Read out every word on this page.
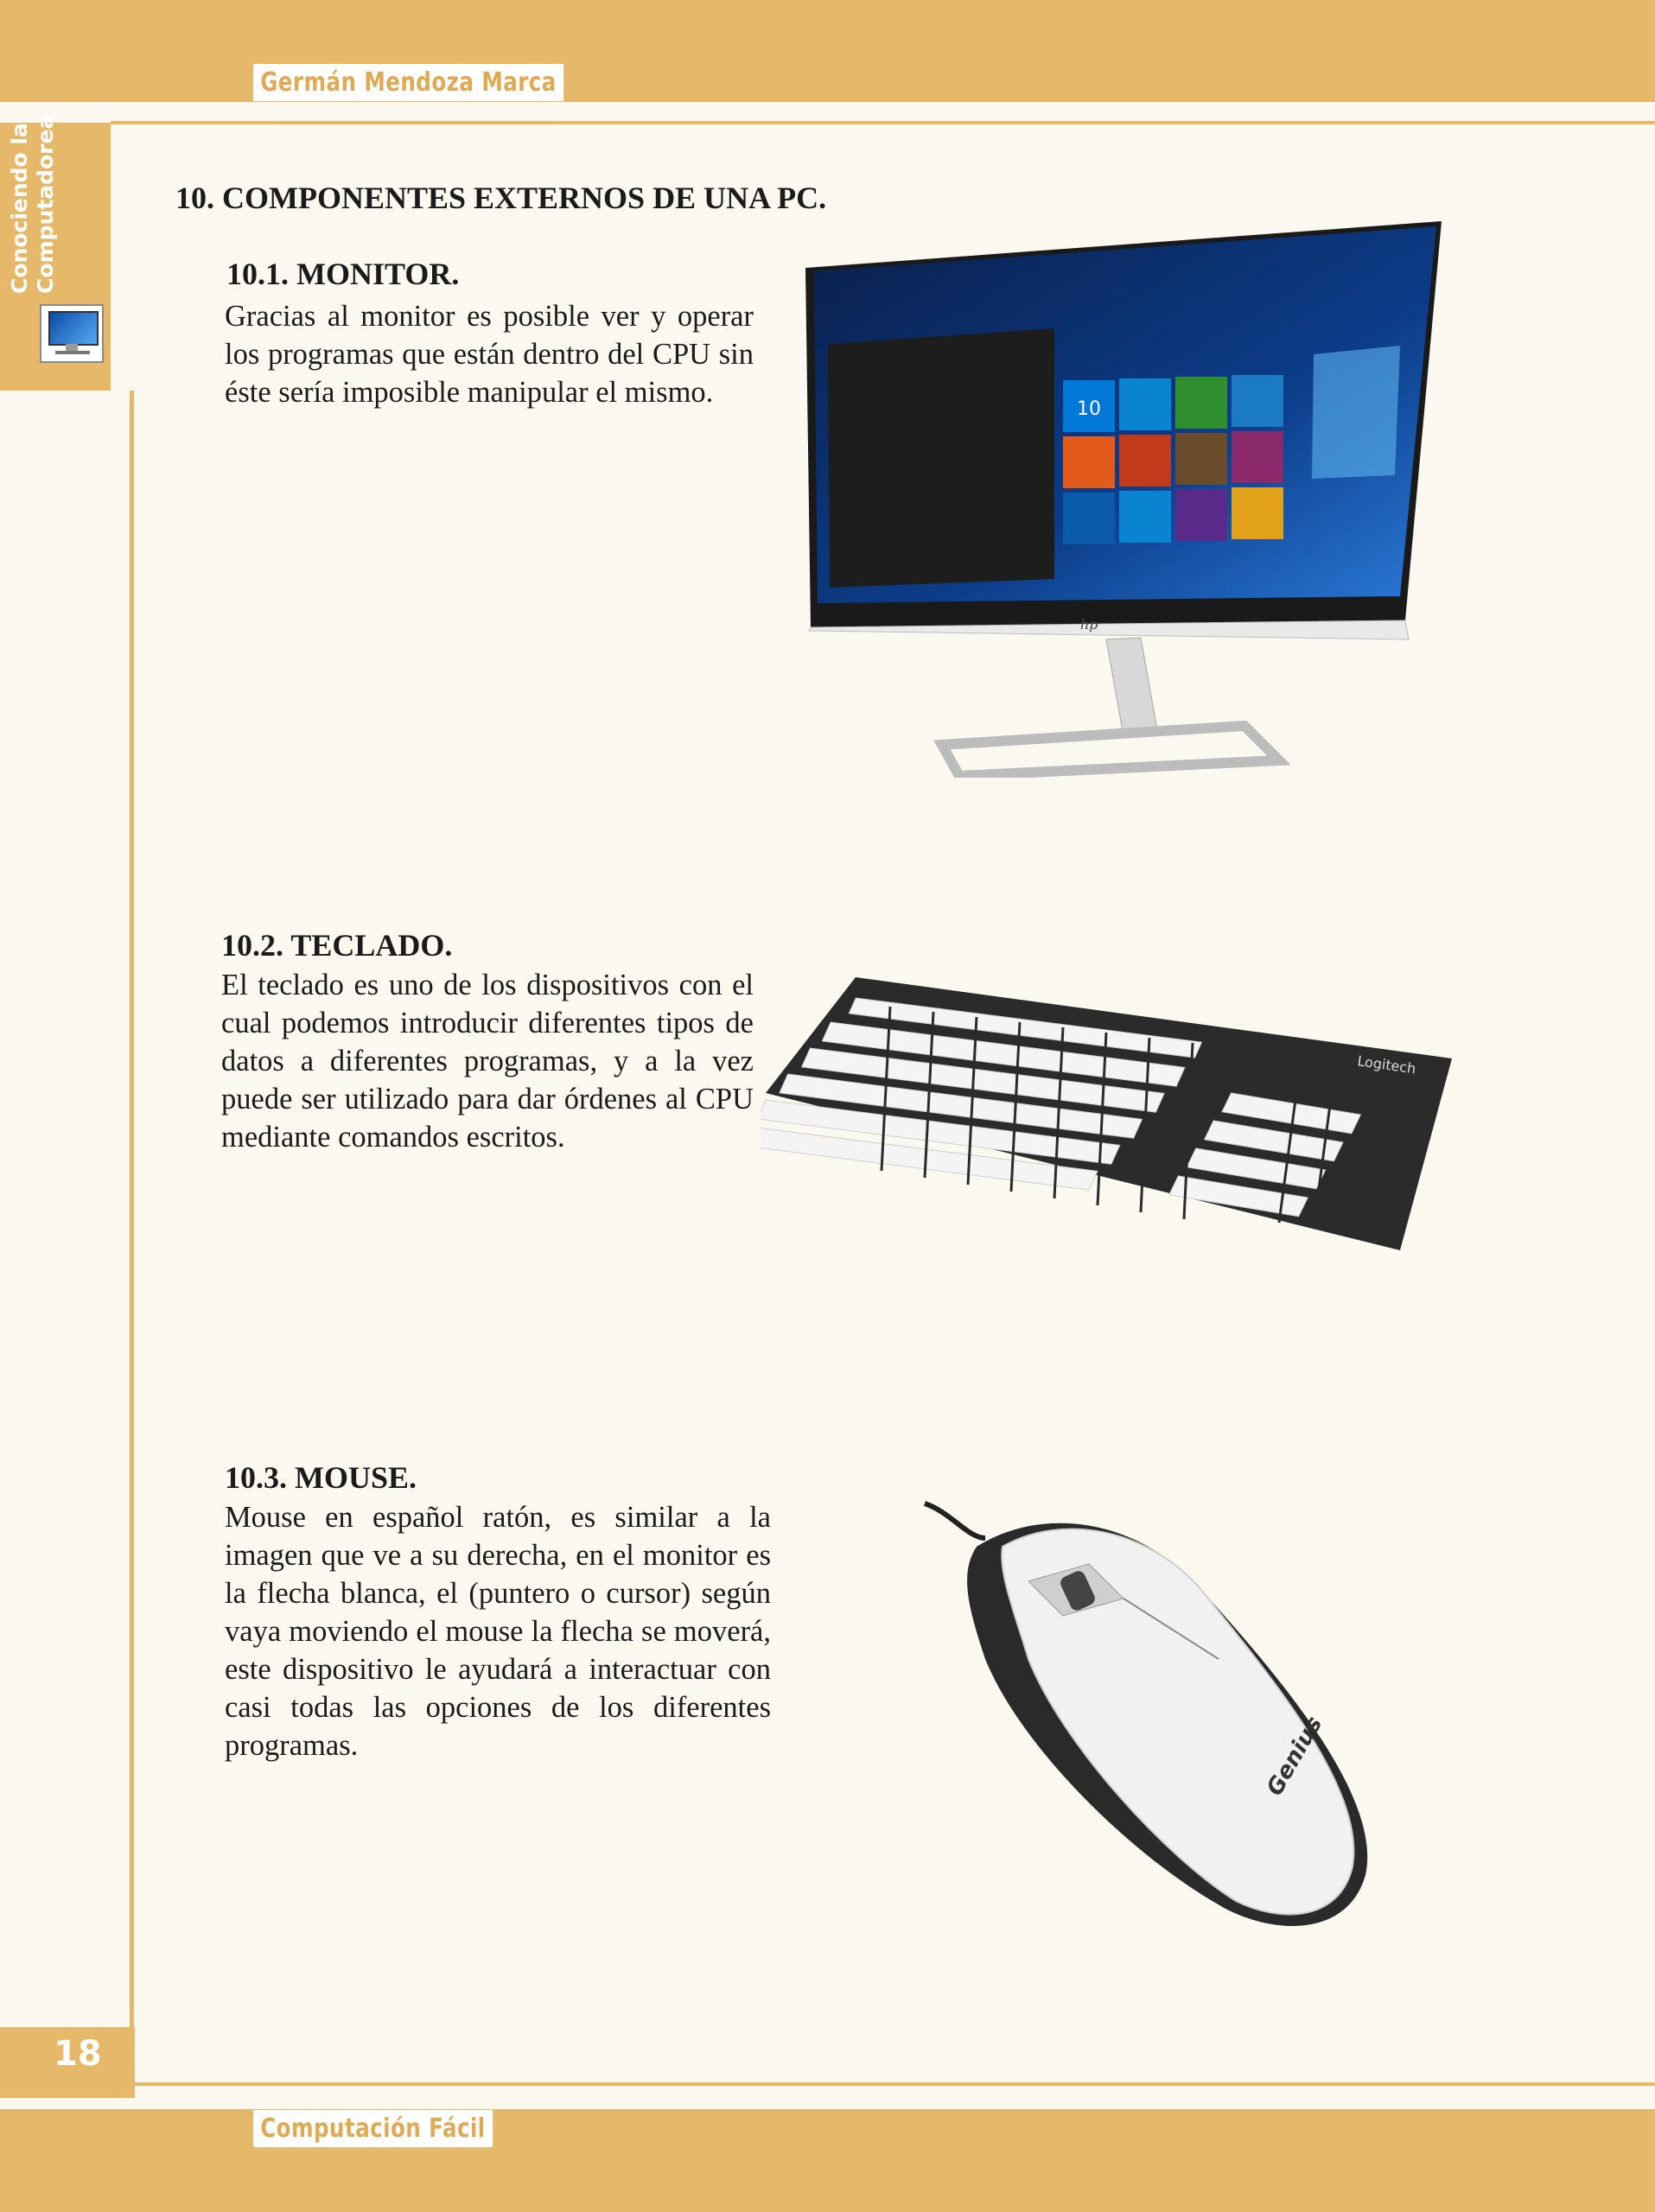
Germán Mendoza Marca
Computación Fácil
Conociendo la Computadorea
18
10. COMPONENTES EXTERNOS DE UNA PC.
10.1. MONITOR.

Gracias al monitor es posible ver y operar los programas que están dentro del CPU sin éste sería imposible manipular el mismo.

10.2. TECLADO.

El teclado es uno de los dispositivos con el cual podemos introducir diferentes tipos de datos a diferentes programas, y a la vez puede ser utilizado para dar órdenes al CPU mediante comandos escritos.

10.3. MOUSE.

Mouse en español ratón, es similar a la imagen que ve a su derecha, en el monitor es la flecha blanca, el (puntero o cursor) según vaya moviendo el mouse la flecha se moverá, este dispositivo le ayudará a interactuar con casi todas las opciones de los diferentes programas.

hp
10
Logitech
Genius
